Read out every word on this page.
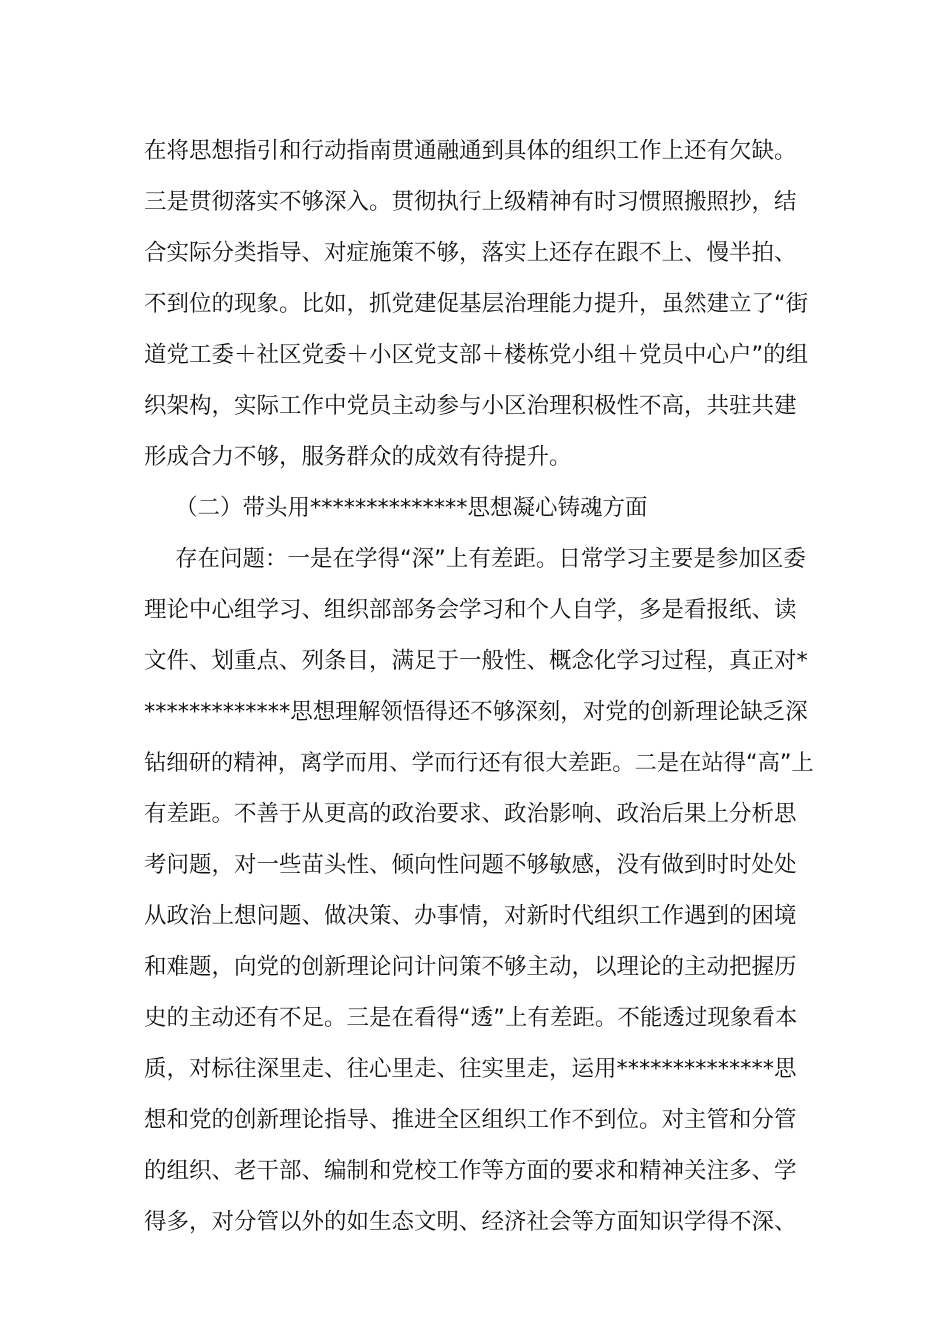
在将思想指引和行动指南贯通融通到具体的组织工作上还有欠缺。
三是贯彻落实不够深入。贯彻执行上级精神有时习惯照搬照抄，结
合实际分类指导、对症施策不够，落实上还存在跟不上、慢半拍、
不到位的现象。比如，抓党建促基层治理能力提升，虽然建立了“街
道党工委＋社区党委＋小区党支部＋楼栋党小组＋党员中心户”的组
织架构，实际工作中党员主动参与小区治理积极性不高，共驻共建
形成合力不够，服务群众的成效有待提升。
（二）带头用**************思想凝心铸魂方面
存在问题：一是在学得“深”上有差距。日常学习主要是参加区委
理论中心组学习、组织部部务会学习和个人自学，多是看报纸、读
文件、划重点、列条目，满足于一般性、概念化学习过程，真正对*
*************思想理解领悟得还不够深刻，对党的创新理论缺乏深
钻细研的精神，离学而用、学而行还有很大差距。二是在站得“高”上
有差距。不善于从更高的政治要求、政治影响、政治后果上分析思
考问题，对一些苗头性、倾向性问题不够敏感，没有做到时时处处
从政治上想问题、做决策、办事情，对新时代组织工作遇到的困境
和难题，向党的创新理论问计问策不够主动，以理论的主动把握历
史的主动还有不足。三是在看得“透”上有差距。不能透过现象看本
质，对标往深里走、往心里走、往实里走，运用**************思
想和党的创新理论指导、推进全区组织工作不到位。对主管和分管
的组织、老干部、编制和党校工作等方面的要求和精神关注多、学
得多，对分管以外的如生态文明、经济社会等方面知识学得不深、
